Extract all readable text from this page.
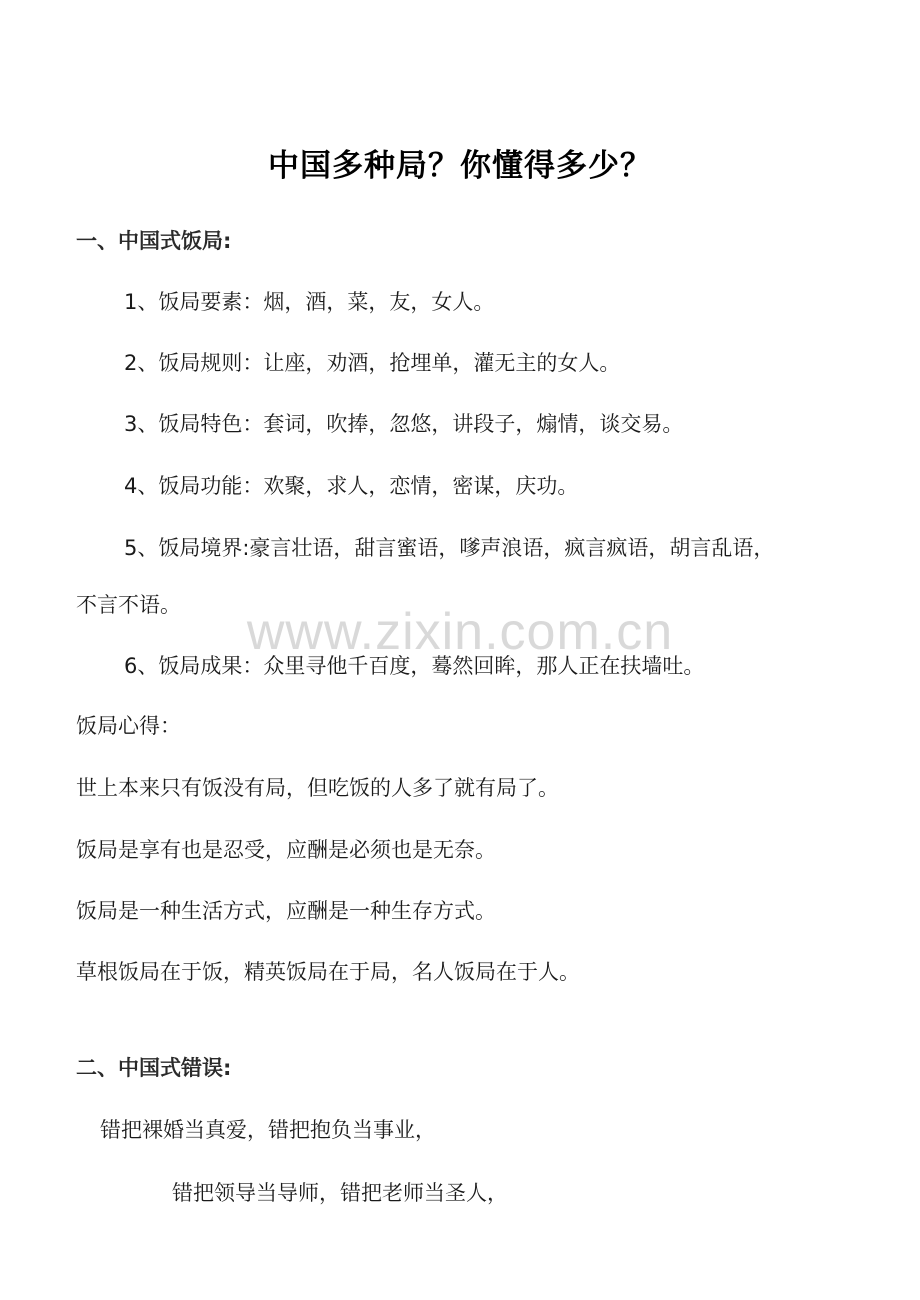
中国多种局？你懂得多少？

一、中国式饭局:

1、饭局要素：烟，酒，菜，友，女人。

2、饭局规则：让座，劝酒，抢埋单，灌无主的女人。

3、饭局特色：套词，吹捧，忽悠，讲段子，煽情，谈交易。

4、饭局功能：欢聚，求人，恋情，密谋，庆功。

5、饭局境界:豪言壮语，甜言蜜语，嗲声浪语，疯言疯语，胡言乱语，

不言不语。

6、饭局成果：众里寻他千百度，蓦然回眸，那人正在扶墙吐。

饭局心得：

世上本来只有饭没有局，但吃饭的人多了就有局了。

饭局是享有也是忍受，应酬是必须也是无奈。

饭局是一种生活方式，应酬是一种生存方式。

草根饭局在于饭，精英饭局在于局，名人饭局在于人。

二、中国式错误:

错把裸婚当真爱，错把抱负当事业，

错把领导当导师，错把老师当圣人，

www.zixin.com.cn
